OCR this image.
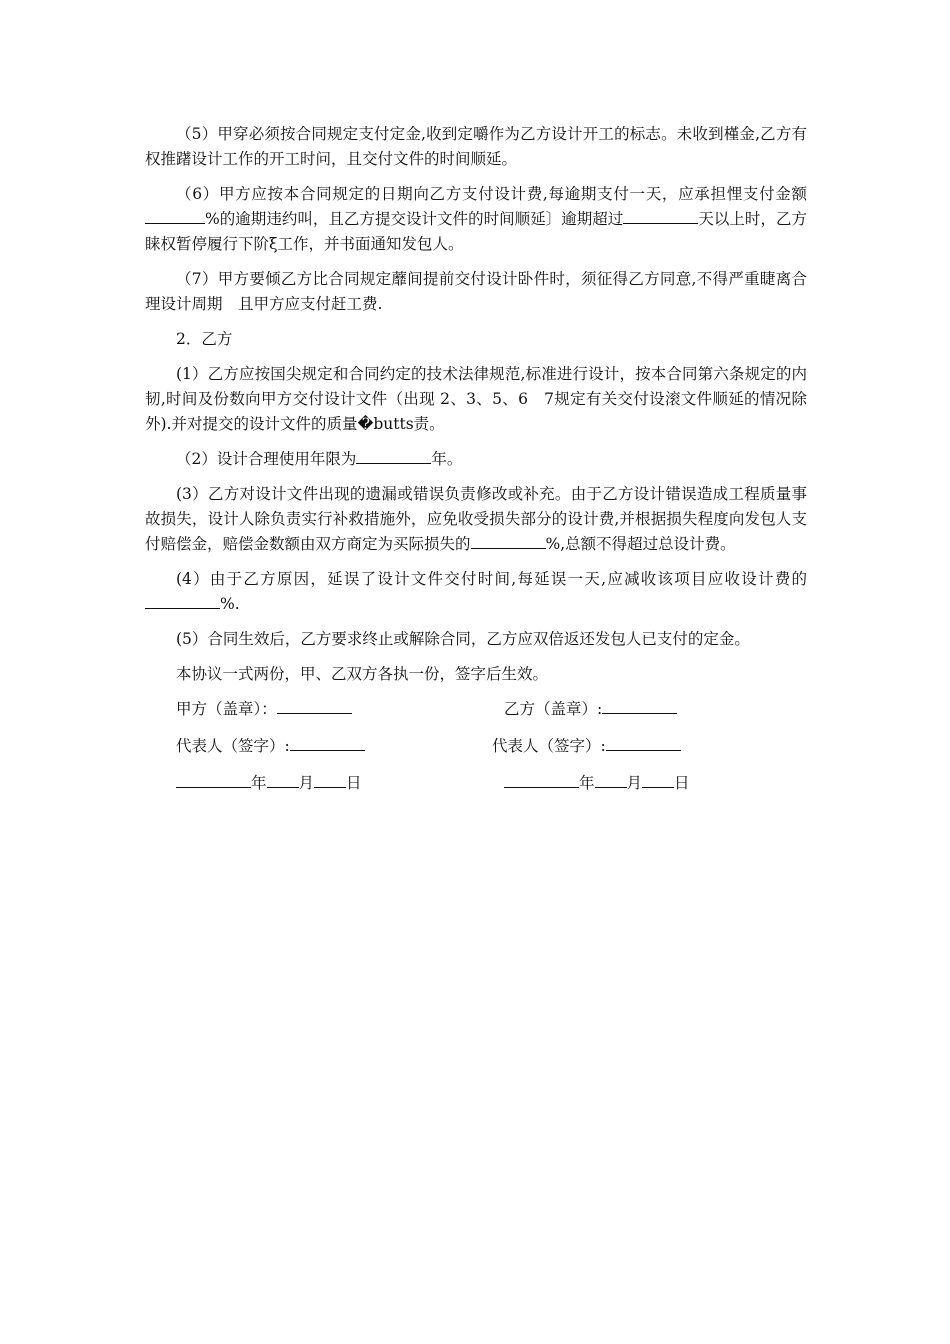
（5）甲穿必须按合同规定支付定金,收到定嚼作为乙方设计开工的标志。未收到槿金,乙方有权推躇设计工作的开工时问，且交付文件的时间顺延。

（6）甲方应按本合同规定的日期向乙方支付设计费,每逾期支付一天，应承担悝支付金额%的逾期违约叫，且乙方提交设计文件的时间顺延〕逾期超过	天以上时，乙方睐权暂停履行下阶ξ工作，并书面通知发包人。

（7）甲方要倾乙方比合同规定蘼间提前交付设计卧件时，须征得乙方同意,不得严重睫离合理设计周期　且甲方应支付赶工费.

2．乙方

(1）乙方应按国尖规定和合同约定的技术法律规范,标准进行设计，按本合同第六条规定的内韧,时间及份数向甲方交付设计文件（出现 2、3、5、6　7规定有关交付设滚文件顺延的情况除外).并对提交的设计文件的质量�butts责。

（2）设计合理使用年限为	年。

(3）乙方对设计文件出现的遗漏或错误负责修改或补充。由于乙方设计错误造成工程质量事故损失，设计人除负责实行补救措施外，应免收受损失部分的设计费,并根据损失程度向发包人支付赔偿金，赔偿金数额由双方商定为买际损失的	%,总额不得超过总设计费。

(4）由于乙方原因，延误了设计文件交付时间,每延误一天,应减收该项目应收设计费的%.

(5）合同生效后，乙方要求终止或解除合同，乙方应双倍返还发包人已支付的定金。

本协议一式两份，甲、乙双方各执一份，签字后生效。

甲方（盖章）：	乙方（盖章）:
代表人（签字）:	代表人（签字）:
年 月 日	年 月 日
